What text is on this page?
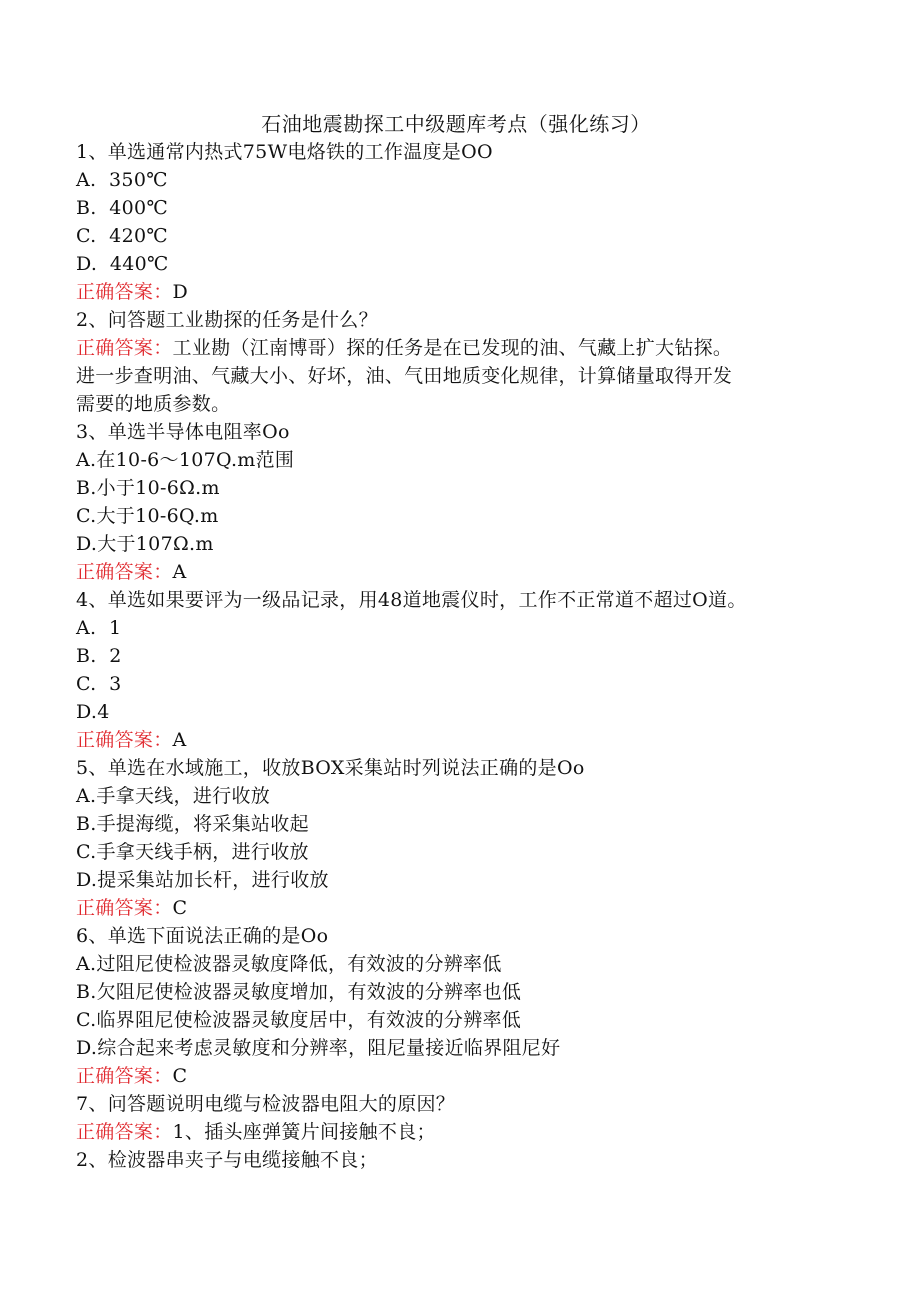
石油地震勘探工中级题库考点（强化练习）
1、单选通常内热式75W电烙铁的工作温度是OO
A.  350℃
B.  400℃
C.  420℃
D.  440℃
正确答案：D
2、问答题工业勘探的任务是什么？
正确答案：工业勘（江南博哥）探的任务是在已发现的油、气藏上扩大钻探。
进一步查明油、气藏大小、好坏，油、气田地质变化规律，计算储量取得开发
需要的地质参数。
3、单选半导体电阻率Oo
A.在10-6～107Q.m范围
B.小于10-6Ω.m
C.大于10-6Q.m
D.大于107Ω.m
正确答案：A
4、单选如果要评为一级品记录，用48道地震仪时，工作不正常道不超过O道。
A.  1
B.  2
C.  3
D.4
正确答案：A
5、单选在水域施工，收放BOX采集站时列说法正确的是Oo
A.手拿天线，进行收放
B.手提海缆，将采集站收起
C.手拿天线手柄，进行收放
D.提采集站加长杆，进行收放
正确答案：C
6、单选下面说法正确的是Oo
A.过阻尼使检波器灵敏度降低，有效波的分辨率低
B.欠阻尼使检波器灵敏度增加，有效波的分辨率也低
C.临界阻尼使检波器灵敏度居中，有效波的分辨率低
D.综合起来考虑灵敏度和分辨率，阻尼量接近临界阻尼好
正确答案：C
7、问答题说明电缆与检波器电阻大的原因？
正确答案：1、插头座弹簧片间接触不良；
2、检波器串夹子与电缆接触不良；
